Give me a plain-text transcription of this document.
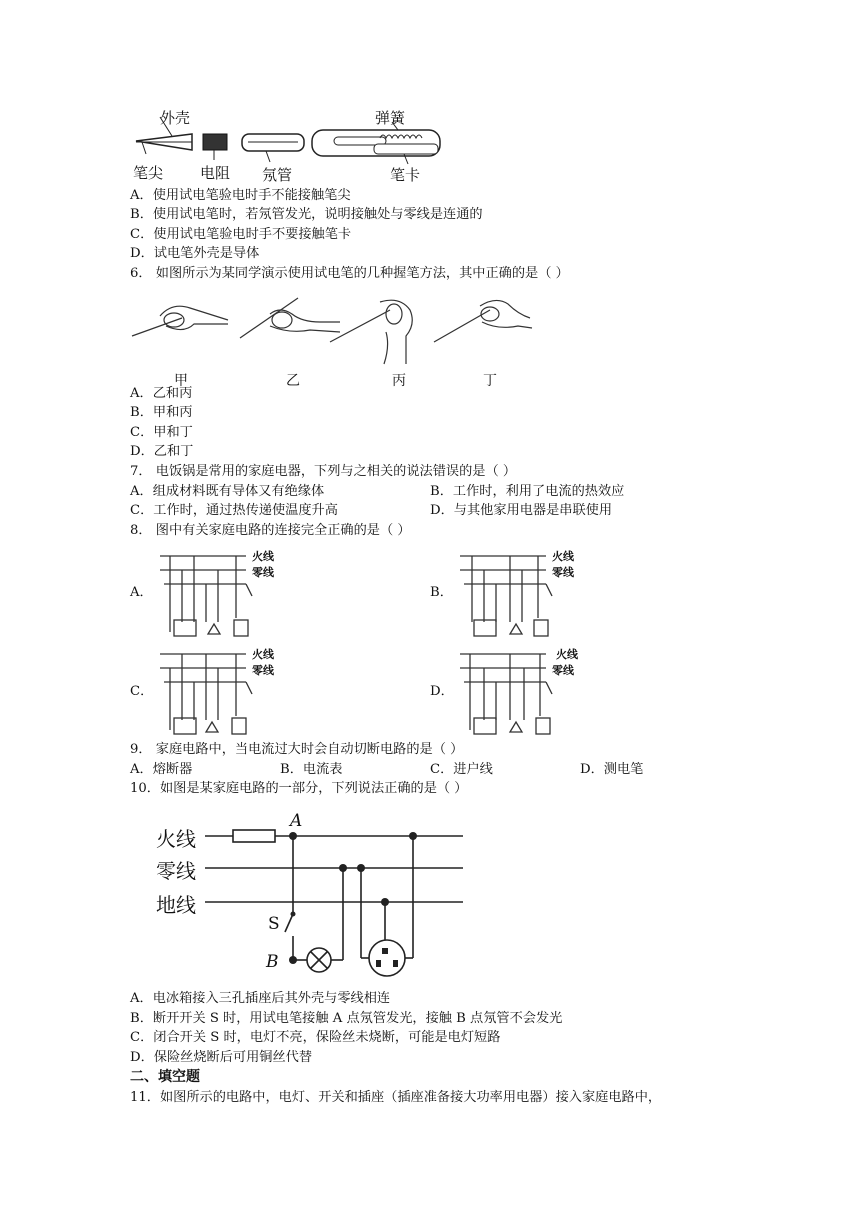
外壳	弹簧
笔尖 电阻 氖管	笔卡
A．使用试电笔验电时手不能接触笔尖
B．使用试电笔时，若氖管发光，说明接触处与零线是连通的
C．使用试电笔验电时手不要接触笔卡
D．试电笔外壳是导体
6． 如图所示为某同学演示使用试电笔的几种握笔方法，其中正确的是（ ）
甲	乙	丙	丁
A．乙和丙
B．甲和丙
C．甲和丁
D．乙和丁
7． 电饭锅是常用的家庭电器，下列与之相关的说法错误的是（ ）
A．组成材料既有导体又有绝缘体	B．工作时，利用了电流的热效应
C．工作时，通过热传递使温度升高	D．与其他家用电器是串联使用
8． 图中有关家庭电路的连接完全正确的是（ ）
A．	B．
C．	D．
火线
零线
火线
零线
火线
零线
火线
零线
9． 家庭电路中，当电流过大时会自动切断电路的是（ ）
A．熔断器	B．电流表	C．进户线	D．测电笔
10．如图是某家庭电路的一部分，下列说法正确的是（ ）
火线
零线
地线
A
S
B
A．电冰箱接入三孔插座后其外壳与零线相连
B．断开开关 S 时，用试电笔接触 A 点氖管发光，接触 B 点氖管不会发光
C．闭合开关 S 时，电灯不亮，保险丝未烧断，可能是电灯短路
D．保险丝烧断后可用铜丝代替
二、填空题
11．如图所示的电路中，电灯、开关和插座（插座准备接大功率用电器）接入家庭电路中，
